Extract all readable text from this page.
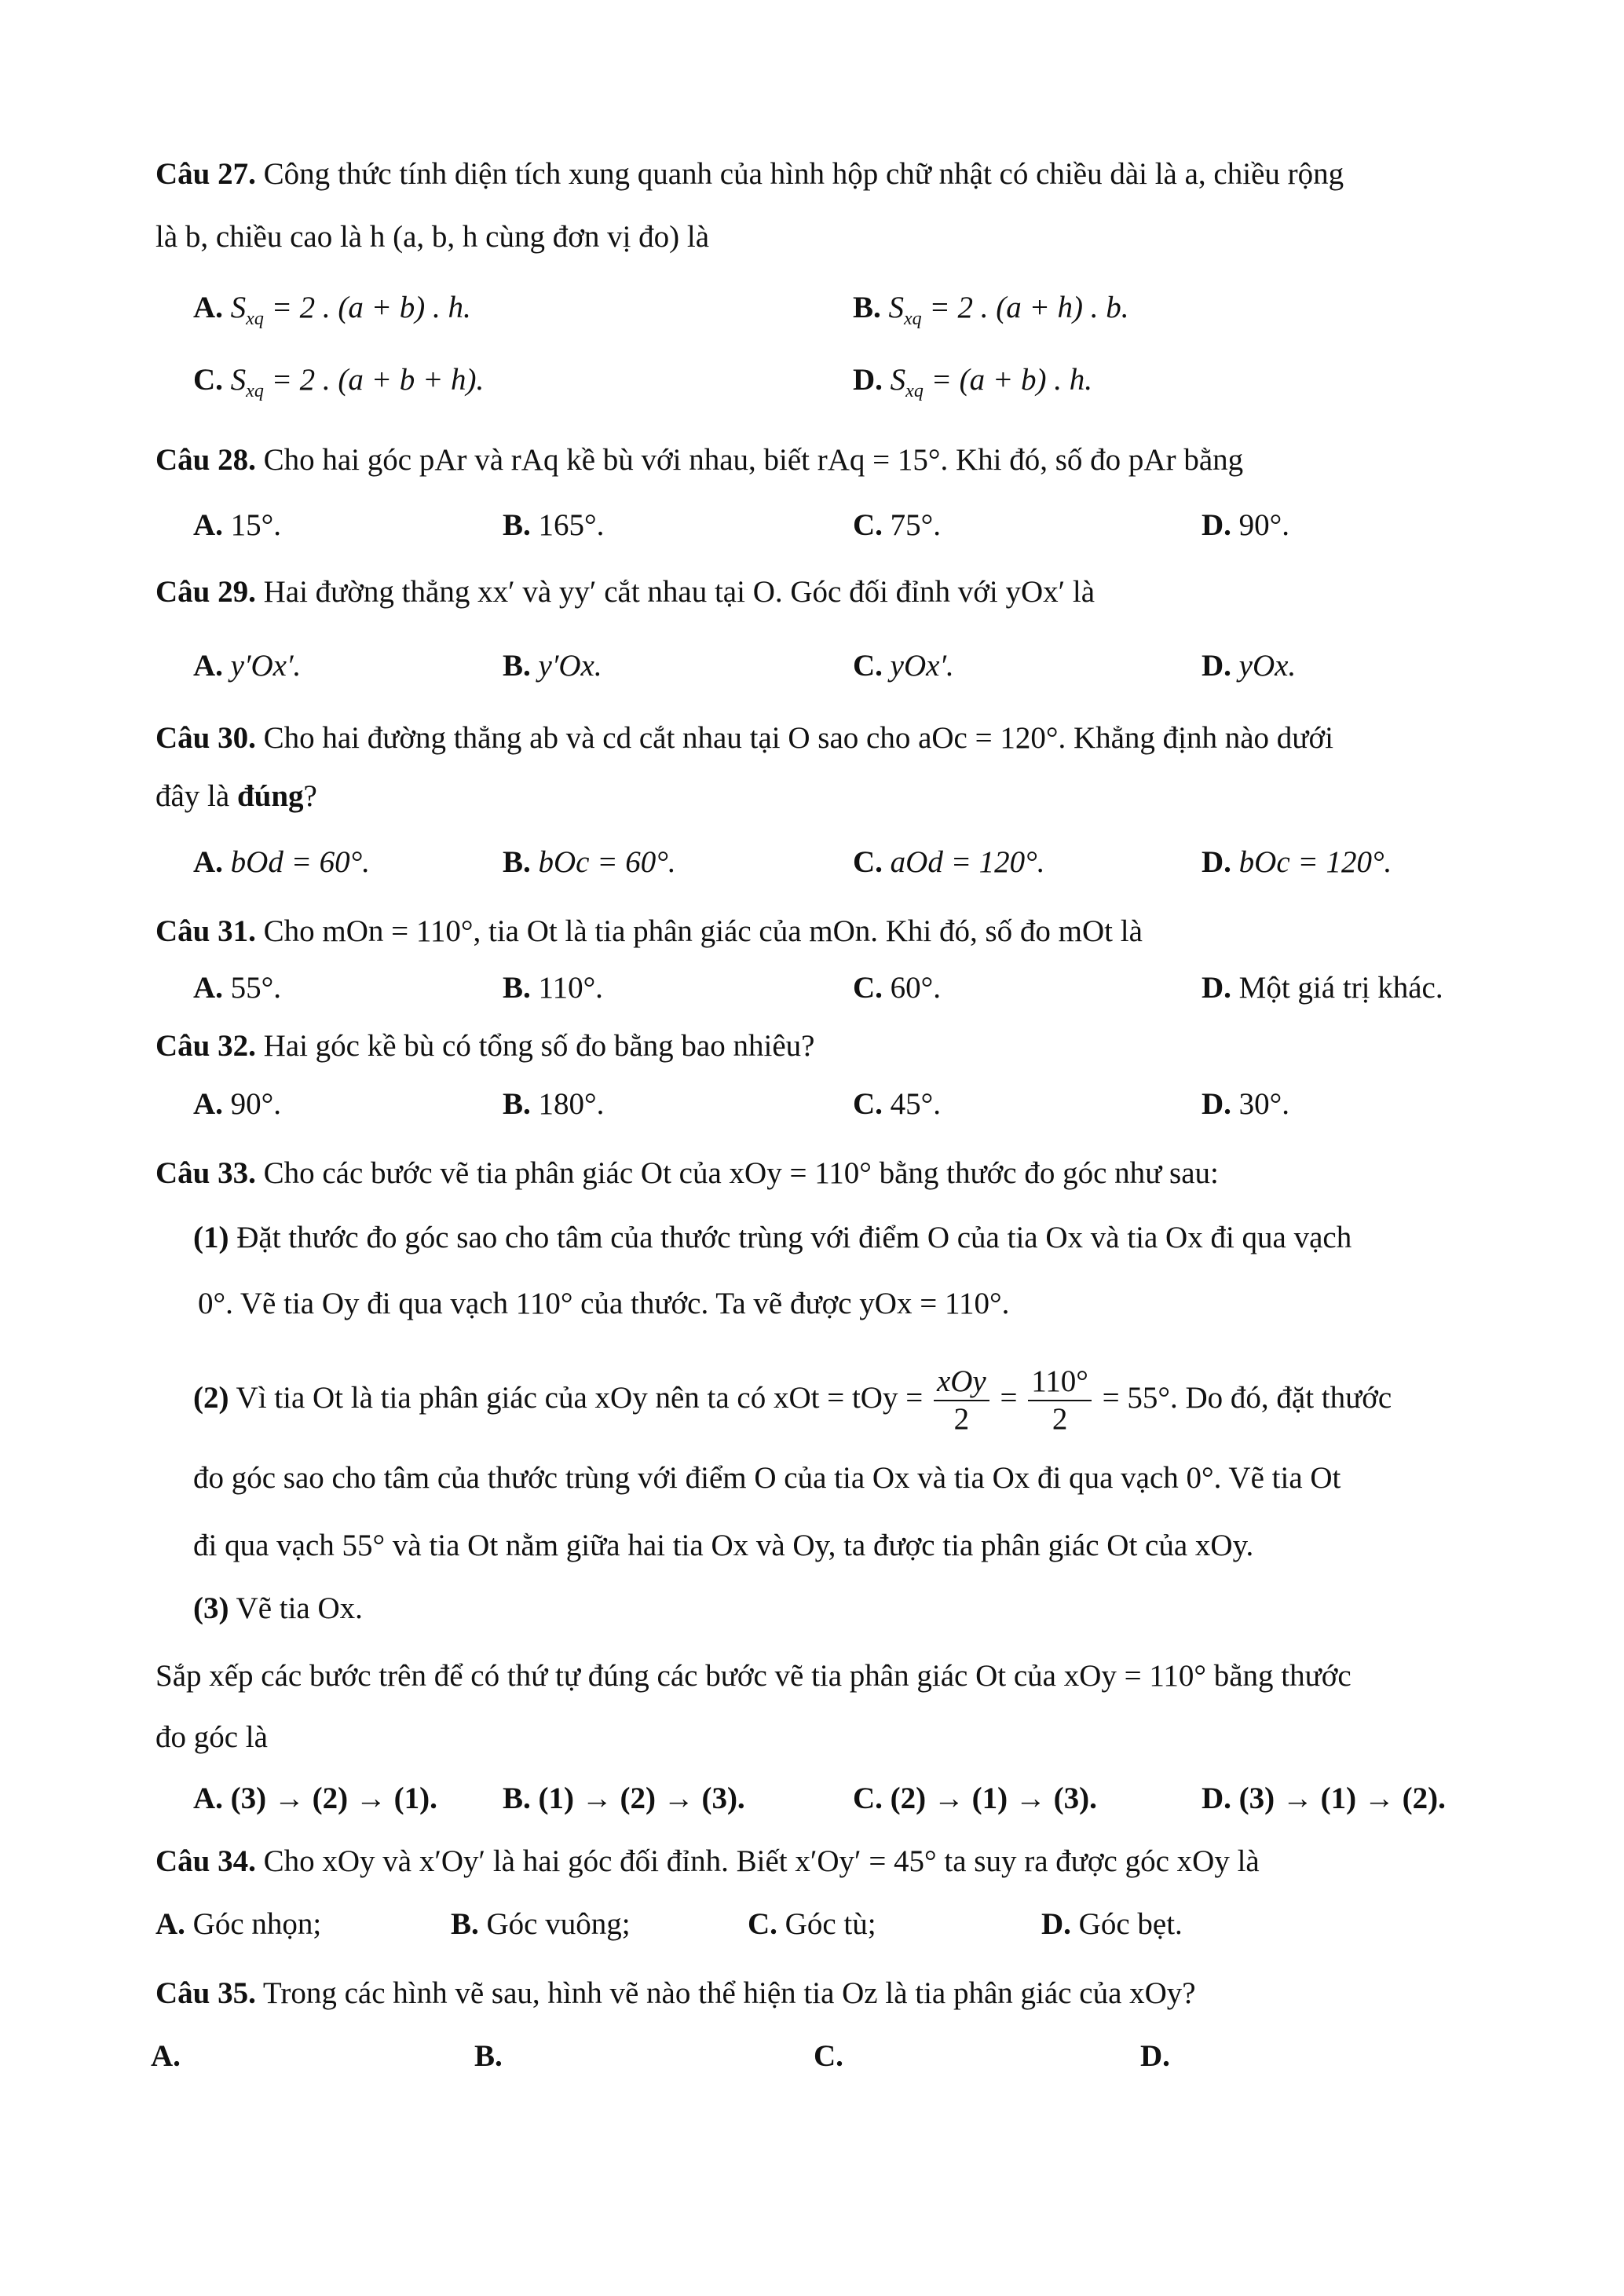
Câu 27. Công thức tính diện tích xung quanh của hình hộp chữ nhật có chiều dài là a, chiều rộng
là b, chiều cao là h (a, b, h cùng đơn vị đo) là
A. $S_{xq} = 2$ . (a + b) . h.	B. $S_{xq} = 2$ . (a + h) . b.
C. $S_{xq} = 2$ . (a + b + h).	D. $S_{xq} = (a + b)$ . h.
Câu 28. Cho hai góc pAr và rAq kề bù với nhau, biết rAq = 15°. Khi đó, số đo pAr bằng
A. 15°.	B. 165°.	C. 75°.	D. 90°.
Câu 29. Hai đường thẳng xx′ và yy′ cắt nhau tại O. Góc đối đỉnh với yOx′ là
A. y′Ox′.	B. y′Ox.	C. yOx′.	D. yOx.
Câu 30. Cho hai đường thẳng ab và cd cắt nhau tại O sao cho aOc = 120°. Khẳng định nào dưới
đây là đúng?
A. bOd = 60°.	B. bOc = 60°.	C. aOd = 120°.	D. bOc = 120°.
Câu 31. Cho mOn = 110°, tia Ot là tia phân giác của mOn. Khi đó, số đo mOt là
A. 55°.	B. 110°.	C. 60°.	D. Một giá trị khác.
Câu 32. Hai góc kề bù có tổng số đo bằng bao nhiêu?
A. 90°.	B. 180°.	C. 45°.	D. 30°.
Câu 33. Cho các bước vẽ tia phân giác Ot của xOy = 110° bằng thước đo góc như sau:
(1) Đặt thước đo góc sao cho tâm của thước trùng với điểm O của tia Ox và tia Ox đi qua vạch
0°. Vẽ tia Oy đi qua vạch 110° của thước. Ta vẽ được yOx = 110°.
(2) Vì tia Ot là tia phân giác của xOy nên ta có xOt = tOy = $\frac{\text{xOy}}{2} = \frac{110^\circ}{2} = 55^\circ$. Do đó, đặt thước
đo góc sao cho tâm của thước trùng với điểm O của tia Ox và tia Ox đi qua vạch 0°. Vẽ tia Ot
đi qua vạch 55° và tia Ot nằm giữa hai tia Ox và Oy, ta được tia phân giác Ot của xOy.
(3) Vẽ tia Ox.
Sắp xếp các bước trên để có thứ tự đúng các bước vẽ tia phân giác Ot của xOy = 110° bằng thước
đo góc là
A. (3) → (2) → (1). B. (1) → (2) → (3).	C. (2) → (1) → (3).	D. (3) → (1) → (2).
Câu 34. Cho xOy và x′Oy′ là hai góc đối đỉnh. Biết x′Oy′ = 45° ta suy ra được góc xOy là
A. Góc nhọn;	B. Góc vuông;	C. Góc tù;	D. Góc bẹt.
Câu 35. Trong các hình vẽ sau, hình vẽ nào thể hiện tia Oz là tia phân giác của xOy?
A.	B.	C.	D.
